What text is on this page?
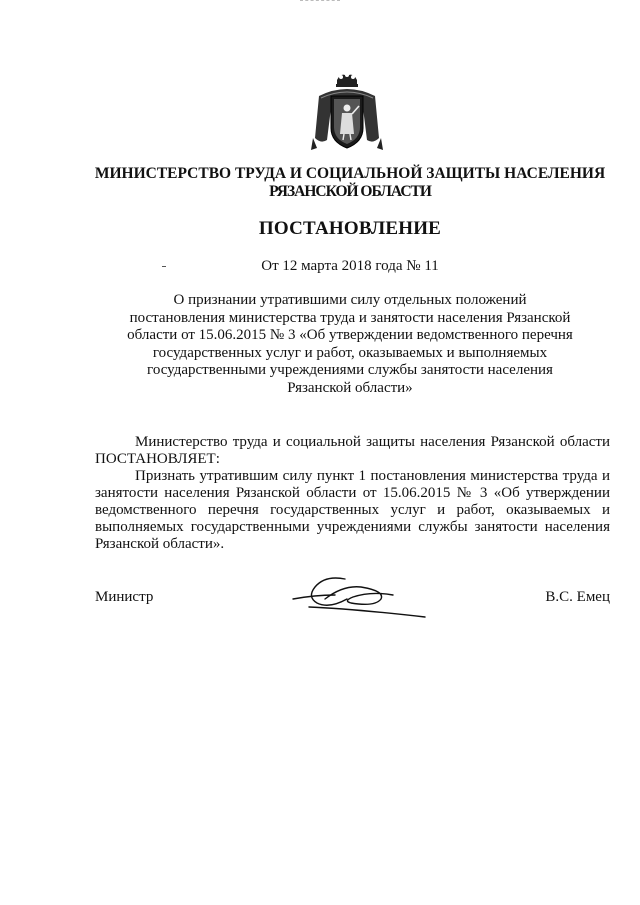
МИНИСТЕРСТВО ТРУДА И СОЦИАЛЬНОЙ ЗАЩИТЫ НАСЕЛЕНИЯ
РЯЗАНСКОЙ ОБЛАСТИ
ПОСТАНОВЛЕНИЕ
От 12 марта 2018 года № 11
О признании утратившими силу отдельных положений
постановления министерства труда и занятости населения Рязанской
области от 15.06.2015 № 3 «Об утверждении ведомственного перечня
государственных услуг и работ, оказываемых и выполняемых
государственными учреждениями службы занятости населения
Рязанской области»

Министерство труда и социальной защиты населения Рязанской области ПОСТАНОВЛЯЕТ:

Признать утратившим силу пункт 1 постановления министерства труда и занятости населения Рязанской области от 15.06.2015 № 3 «Об утверждении ведомственного перечня государственных услуг и работ, оказываемых и выполняемых государственными учреждениями службы занятости населения Рязанской области».

Министр	В.С. Емец
